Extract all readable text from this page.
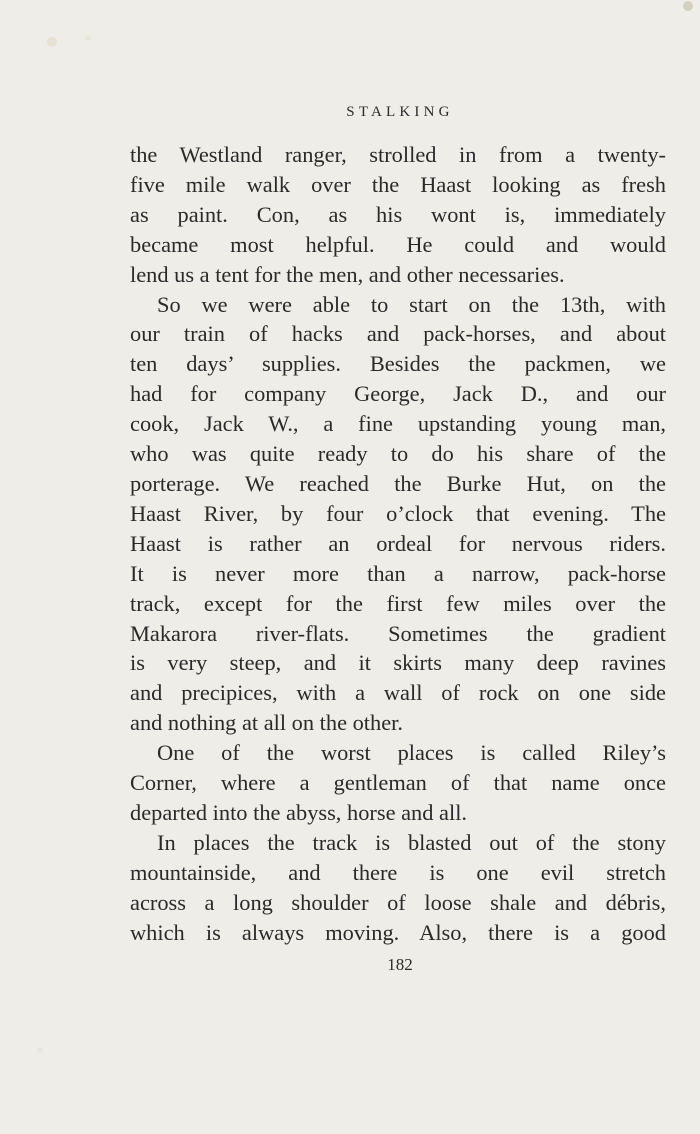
STALKING
the Westland ranger, strolled in from a twenty-
five mile walk over the Haast looking as fresh
as paint. Con, as his wont is, immediately
became most helpful. He could and would
lend us a tent for the men, and other necessaries.
So we were able to start on the 13th, with
our train of hacks and pack-horses, and about
ten days’ supplies. Besides the packmen, we
had for company George, Jack D., and our
cook, Jack W., a fine upstanding young man,
who was quite ready to do his share of the
porterage. We reached the Burke Hut, on the
Haast River, by four o’clock that evening. The
Haast is rather an ordeal for nervous riders.
It is never more than a narrow, pack-horse
track, except for the first few miles over the
Makarora river-flats. Sometimes the gradient
is very steep, and it skirts many deep ravines
and precipices, with a wall of rock on one side
and nothing at all on the other.
One of the worst places is called Riley’s
Corner, where a gentleman of that name once
departed into the abyss, horse and all.
In places the track is blasted out of the stony
mountainside, and there is one evil stretch
across a long shoulder of loose shale and débris,
which is always moving. Also, there is a good
182
